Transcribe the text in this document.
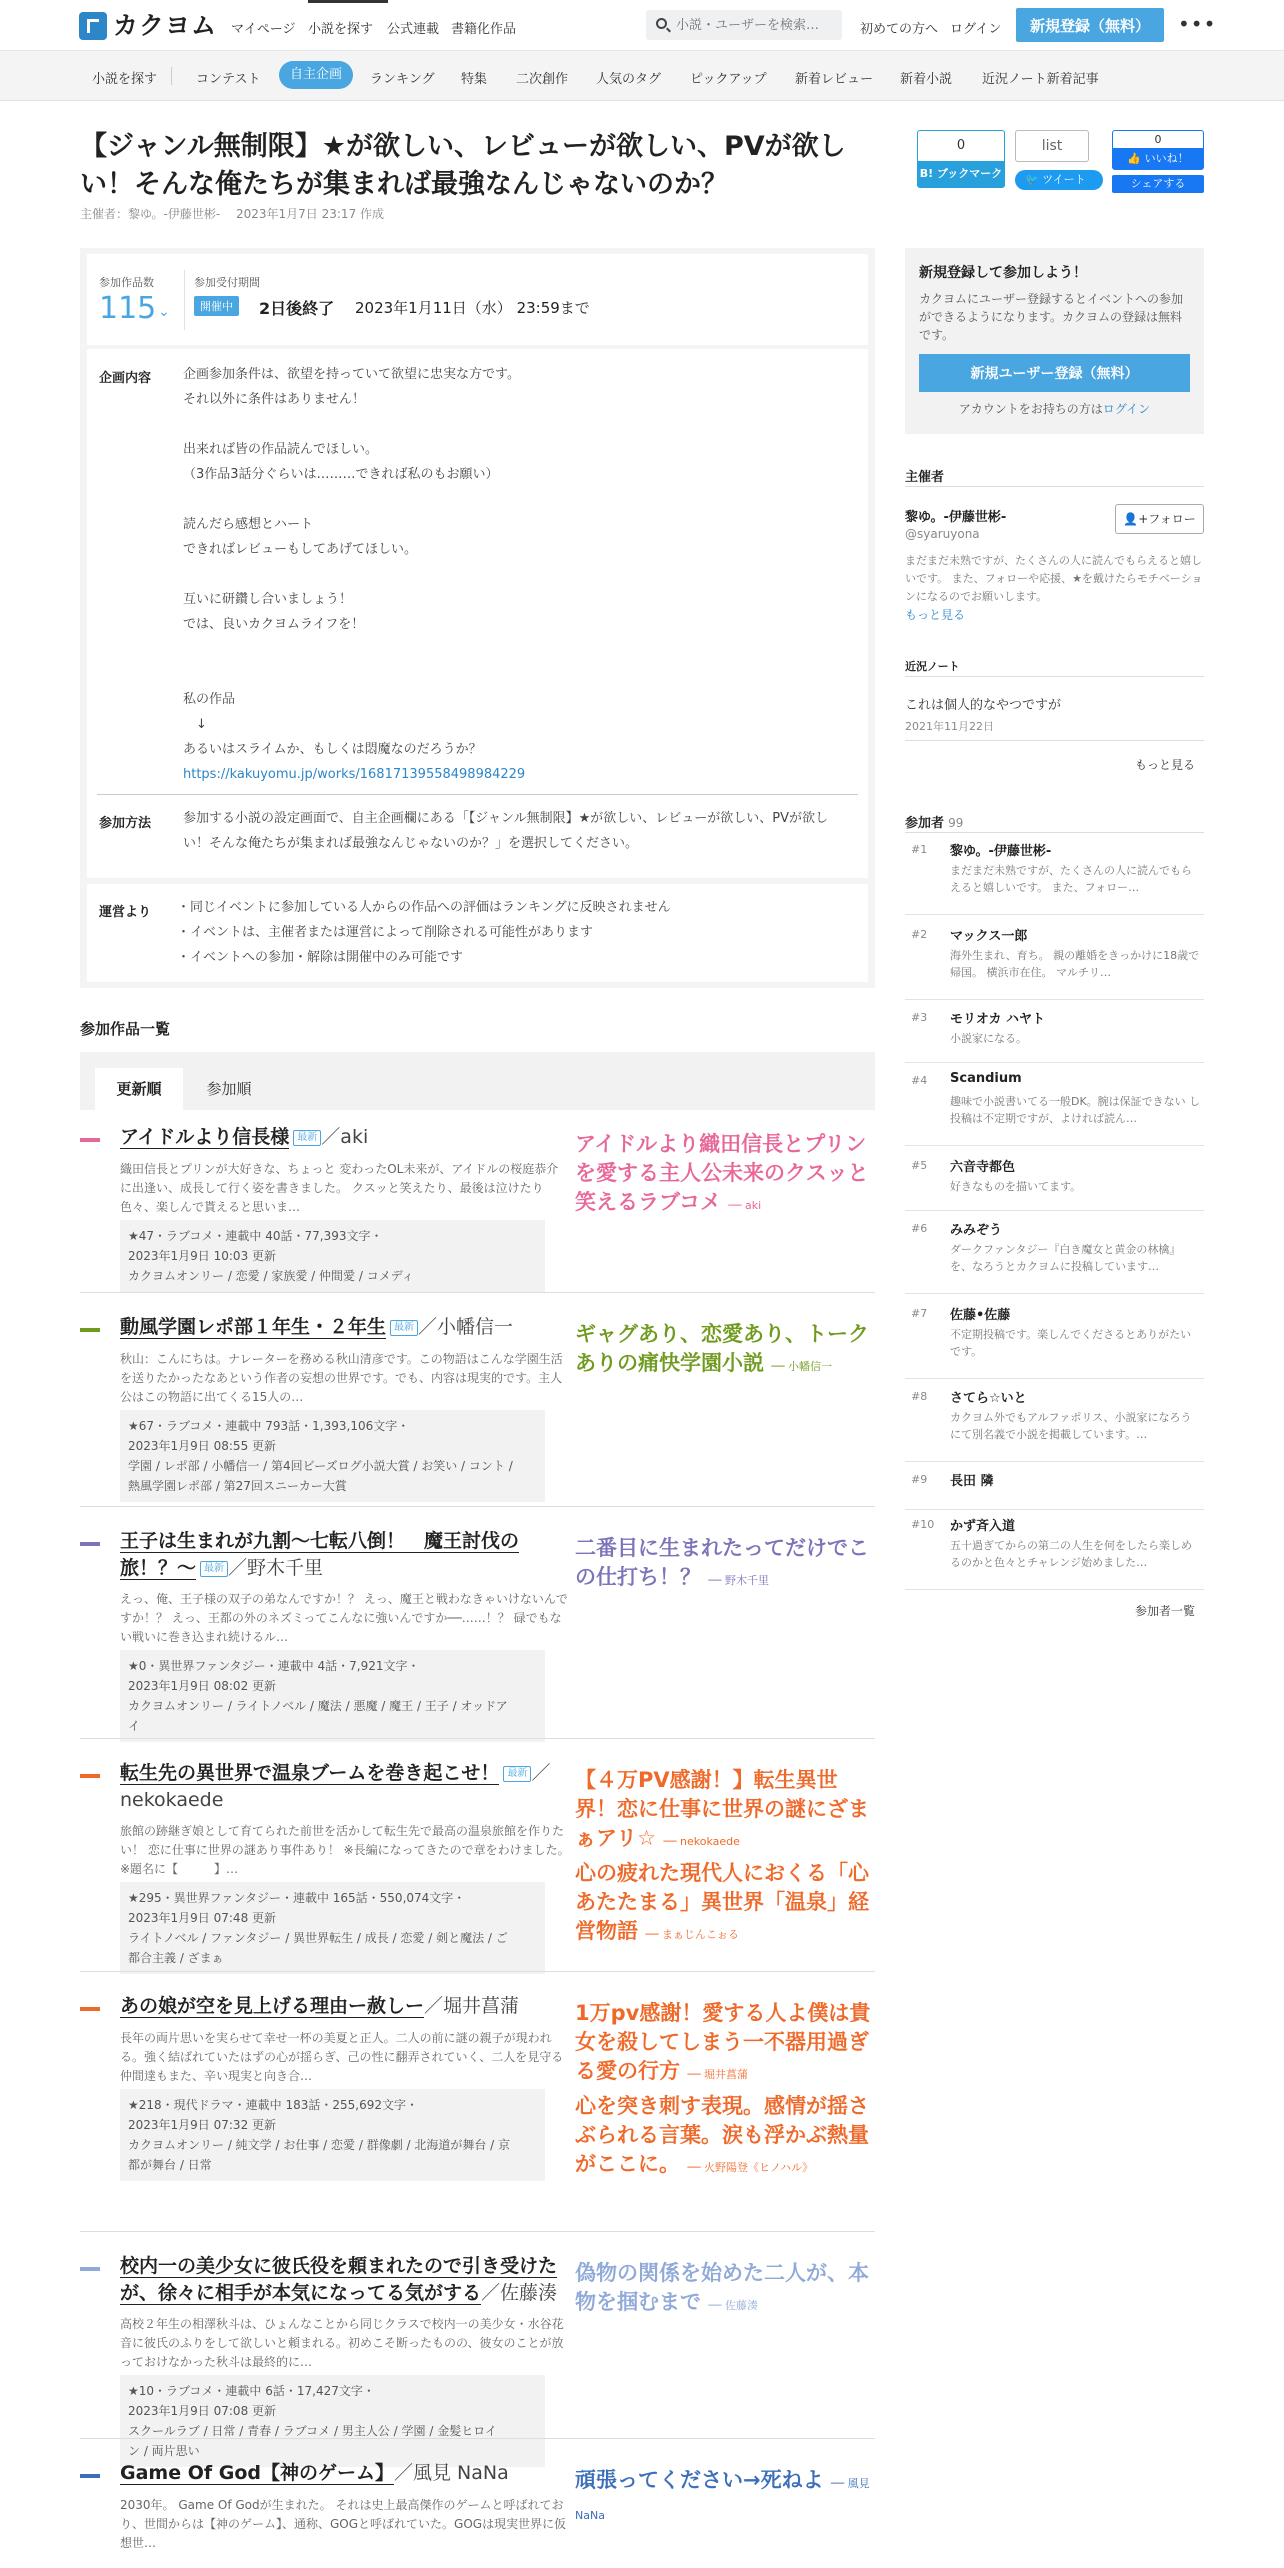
カクヨム マイページ 小説を探す 公式連載 書籍化作品
小説・ユーザーを検索…	初めての方へ ログイン	新規登録（無料）	•••
小説を探す	コンテスト	自主企画	ランキング 特集 二次創作 人気のタグ ピックアップ 新着レビュー 新着小説 近況ノート新着記事
【ジャンル無制限】★が欲しい、レビューが欲しい、PVが欲しい！そんな俺たちが集まれば最強なんじゃないのか？
主催者：黎ゆ。-伊藤世彬-　 2023年1月7日 23:17 作成
0
B! ブックマーク
list
🐦 ツイート
0
👍 いいね！
シェアする
参加作品数
115 ⌄
参加受付期間
開催中	2日後終了 2023年1月11日（水） 23:59まで
企画内容 企画参加条件は、欲望を持っていて欲望に忠実な方です。
それ以外に条件はありません！
出来れば皆の作品読んでほしい。
（3作品3話分ぐらいは………できれば私のもお願い）
読んだら感想とハート
できればレビューもしてあげてほしい。
互いに研鑽し合いましょう！
では、良いカクヨムライフを！
私の作品
　↓
あるいはスライムか、もしくは悶魔なのだろうか？
https://kakuyomu.jp/works/16817139558498984229
参加方法 参加する小説の設定画面で、自主企画欄にある「【ジャンル無制限】★が欲しい、レビューが欲しい、PVが欲しい！そんな俺たちが集まれば最強なんじゃないのか？」を選択してください。
運営より ・同じイベントに参加している人からの作品への評価はランキングに反映されません
・イベントは、主催者または運営によって削除される可能性があります
・イベントへの参加・解除は開催中のみ可能です
新規登録して参加しよう！
カクヨムにユーザー登録するとイベントへの参加ができるようになります。カクヨムの登録は無料です。
新規ユーザー登録（無料）
アカウントをお持ちの方はログイン
主催者
黎ゆ。-伊藤世彬-
@syaruyona
👤+フォロー
まだまだ未熟ですが、たくさんの人に読んでもらえると嬉しいです。 また、フォローや応援、★を戴けたらモチベーションになるのでお願いします。
もっと見る
近況ノート
これは個人的なやつですが
2021年11月22日
もっと見る
参加者 99
参加作品一覧
更新順	参加順
アイドルより信長様 最新 ／aki
織田信長とプリンが大好きな、ちょっと 変わったOL未来が、アイドルの桜庭恭介に出逢い、成長して行く姿を書きました。 クスッと笑えたり、最後は泣けたり 色々、楽しんで貰えると思いま…
★47・ラブコメ・連載中 40話・77,393文字・
2023年1月9日 10:03 更新
カクヨムオンリー / 恋愛 / 家族愛 / 仲間愛 / コメディ
アイドルより織田信長とプリンを愛する主人公未来のクスッと笑えるラブコメ ── aki
動風学園レポ部１年生・２年生 最新 ／小幡信一
秋山：こんにちは。ナレーターを務める秋山清彦です。この物語はこんな学園生活を送りたかったなあという作者の妄想の世界です。でも、内容は現実的です。主人公はこの物語に出てくる15人の…
★67・ラブコメ・連載中 793話・1,393,106文字・
2023年1月9日 08:55 更新
学園 / レポ部 / 小幡信一 / 第4回ビーズログ小説大賞 / お笑い / コント /
熱風学園レポ部 / 第27回スニーカー大賞
ギャグあり、恋愛あり、トークありの痛快学園小説 ── 小幡信一
王子は生まれが九割〜七転八倒！　魔王討伐の旅！？〜 最新 ／野木千里
えっ、俺、王子様の双子の弟なんですか！？ えっ、魔王と戦わなきゃいけないんですか！？ えっ、王都の外のネズミってこんなに強いんですか──……！？ 碌でもない戦いに巻き込まれ続けるル…
★0・異世界ファンタジー・連載中 4話・7,921文字・
2023年1月9日 08:02 更新
カクヨムオンリー / ライトノベル / 魔法 / 悪魔 / 魔王 / 王子 / オッドア
イ
二番目に生まれたってだけでこの仕打ち！？ ── 野木千里
転生先の異世界で温泉ブームを巻き起こせ！ 最新 ／nekokaede
旅館の跡継ぎ娘として育てられた前世を活かして転生先で最高の温泉旅館を作りたい！ 恋に仕事に世界の謎あり事件あり！ ※長編になってきたので章をわけました。 ※題名に【　　　】…
★295・異世界ファンタジー・連載中 165話・550,074文字・
2023年1月9日 07:48 更新
ライトノベル / ファンタジー / 異世界転生 / 成長 / 恋愛 / 剣と魔法 / ご
都合主義 / ざまぁ
【４万PV感謝！】転生異世界！恋に仕事に世界の謎にざまぁアリ☆ ── nekokaede
心の疲れた現代人におくる「心あたたまる」異世界「温泉」経営物語 ── まぁじんこぉる
あの娘が空を見上げる理由ー赦しー／堀井菖蒲
長年の両片思いを実らせて幸せ一杯の美夏と正人。二人の前に謎の親子が現われる。強く結ばれていたはずの心が揺らぎ、己の性に翻弄されていく、二人を見守る仲間達もまた、辛い現実と向き合…
★218・現代ドラマ・連載中 183話・255,692文字・
2023年1月9日 07:32 更新
カクヨムオンリー / 純文学 / お仕事 / 恋愛 / 群像劇 / 北海道が舞台 / 京
都が舞台 / 日常
1万pv感謝！愛する人よ僕は貴女を殺してしまう一不器用過ぎる愛の行方 ── 堀井菖蒲
心を突き刺す表現。感情が揺さぶられる言葉。涙も浮かぶ熱量がここに。 ── 火野陽登《ヒノハル》
校内一の美少女に彼氏役を頼まれたので引き受けたが、徐々に相手が本気になってる気がする／佐藤湊
高校２年生の相澤秋斗は、ひょんなことから同じクラスで校内一の美少女・水谷花音に彼氏のふりをして欲しいと頼まれる。初めこそ断ったものの、彼女のことが放っておけなかった秋斗は最終的に…
★10・ラブコメ・連載中 6話・17,427文字・
2023年1月9日 07:08 更新
スクールラブ / 日常 / 青春 / ラブコメ / 男主人公 / 学園 / 金髪ヒロイ
ン / 両片思い
偽物の関係を始めた二人が、本物を掴むまで ── 佐藤湊
Game Of God【神のゲーム】／風見 NaNa
2030年。 Game Of Godが生まれた。 それは史上最高傑作のゲームと呼ばれており、世間からは【神のゲーム】、通称、GOGと呼ばれていた。GOGは現実世界に仮想世…
頑張ってください→死ねよ ── 風見 NaNa
#1 黎ゆ。-伊藤世彬-
まだまだ未熟ですが、たくさんの人に読んでもらえると嬉しいです。 また、フォロー…
#2 マックス一郎
海外生まれ、育ち。 親の離婚をきっかけに18歳で帰国。 横浜市在住。 マルチリ…
#3 モリオカ ハヤト
小説家になる。
#4 Scandium
趣味で小説書いてる一般DK。腕は保証できない し投稿は不定期ですが、よければ読ん…
#5 六音寺都色
好きなものを描いてます。
#6 みみぞう
ダークファンタジー『白き魔女と黄金の林檎』を、なろうとカクヨムに投稿しています…
#7 佐藤•佐藤
不定期投稿です。楽しんでくださるとありがたいです。
#8 さてら☆いと
カクヨム外でもアルファポリス、小説家になろうにて別名義で小説を掲載しています。…
#9 長田 隣
#10 かず斉入道
五十過ぎてからの第二の人生を何をしたら楽しめるのかと色々とチャレンジ始めました…
参加者一覧
